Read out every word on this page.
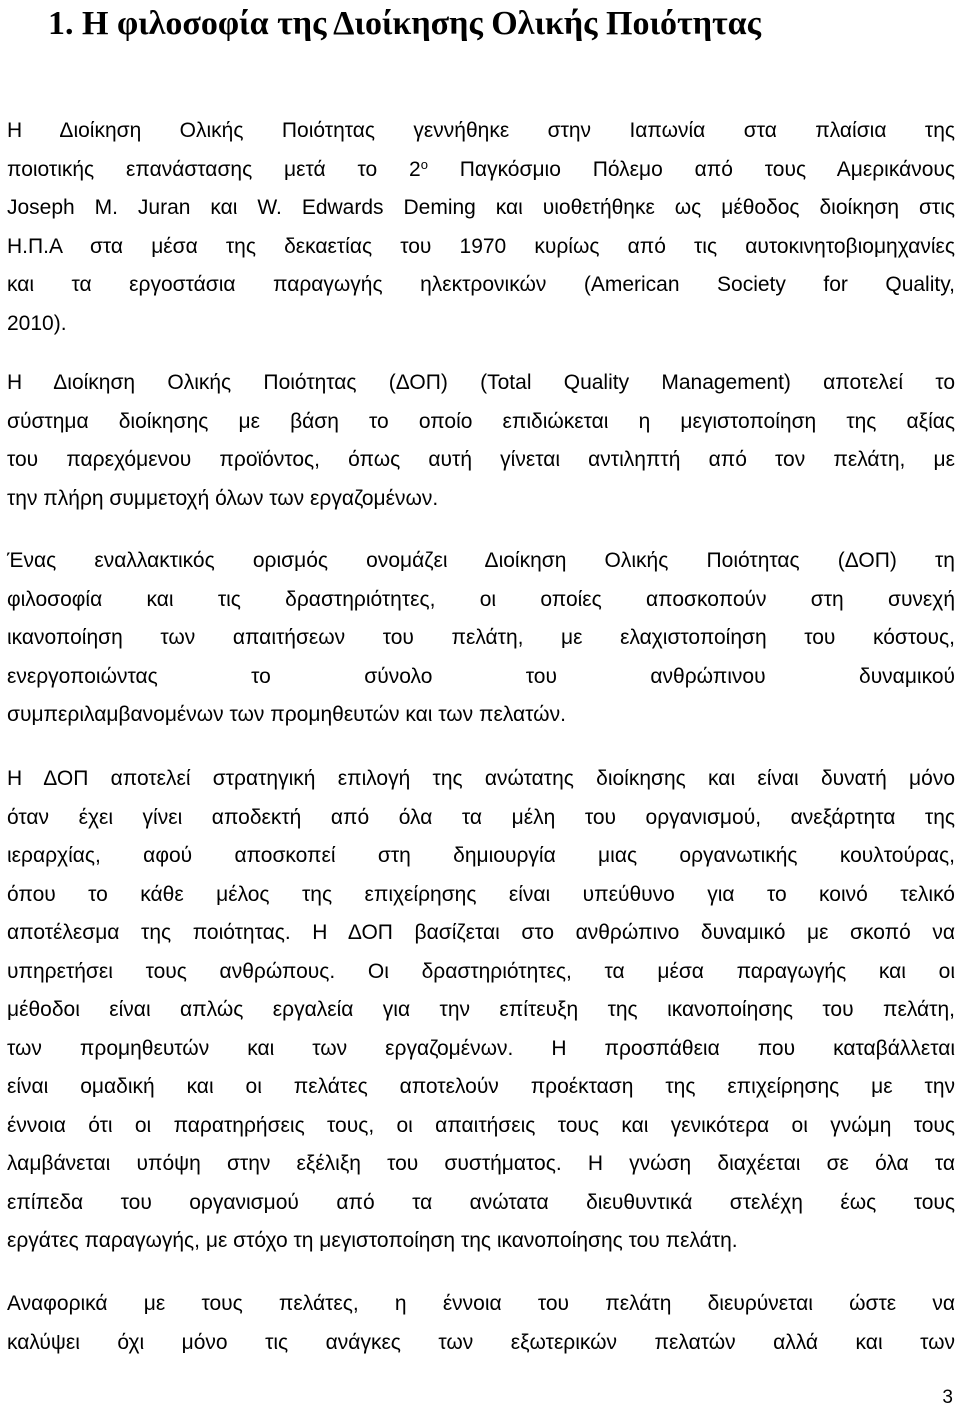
1. Η φιλοσοφία της Διοίκησης Ολικής Ποιότητας
Η Διοίκηση Ολικής Ποιότητας γεννήθηκε στην Ιαπωνία στα πλαίσια της
ποιοτικής επανάστασης μετά το $2^o$ Παγκόσμιο Πόλεμο από τους Αμερικάνους
Joseph M. Juran και W. Edwards Deming και υιοθετήθηκε ως μέθοδος διοίκηση στις
Η.Π.Α στα μέσα της δεκαετίας του 1970 κυρίως από τις αυτοκινητοβιομηχανίες
και τα εργοστάσια παραγωγής ηλεκτρονικών (American Society for Quality,
2010).
Η Διοίκηση Ολικής Ποιότητας (ΔΟΠ) (Total Quality Management) αποτελεί το
σύστημα διοίκησης με βάση το οποίο επιδιώκεται η μεγιστοποίηση της αξίας
του παρεχόμενου προϊόντος, όπως αυτή γίνεται αντιληπτή από τον πελάτη, με
την πλήρη συμμετοχή όλων των εργαζομένων.
Ένας εναλλακτικός ορισμός ονομάζει Διοίκηση Ολικής Ποιότητας (ΔΟΠ) τη
φιλοσοφία και τις δραστηριότητες, οι οποίες αποσκοπούν στη συνεχή
ικανοποίηση των απαιτήσεων του πελάτη, με ελαχιστοποίηση του κόστους,
ενεργοποιώντας το σύνολο του ανθρώπινου δυναμικού
συμπεριλαμβανομένων των προμηθευτών και των πελατών.
Η ΔΟΠ αποτελεί στρατηγική επιλογή της ανώτατης διοίκησης και είναι δυνατή μόνο
όταν έχει γίνει αποδεκτή από όλα τα μέλη του οργανισμού, ανεξάρτητα της
ιεραρχίας, αφού αποσκοπεί στη δημιουργία μιας οργανωτικής κουλτούρας,
όπου το κάθε μέλος της επιχείρησης είναι υπεύθυνο για το κοινό τελικό
αποτέλεσμα της ποιότητας. Η ΔΟΠ βασίζεται στο ανθρώπινο δυναμικό με σκοπό να
υπηρετήσει τους ανθρώπους. Οι δραστηριότητες, τα μέσα παραγωγής και οι
μέθοδοι είναι απλώς εργαλεία για την επίτευξη της ικανοποίησης του πελάτη,
των προμηθευτών και των εργαζομένων. Η προσπάθεια που καταβάλλεται
είναι ομαδική και οι πελάτες αποτελούν προέκταση της επιχείρησης με την
έννοια ότι οι παρατηρήσεις τους, οι απαιτήσεις τους και γενικότερα οι γνώμη τους
λαμβάνεται υπόψη στην εξέλιξη του συστήματος. Η γνώση διαχέεται σε όλα τα
επίπεδα του οργανισμού από τα ανώτατα διευθυντικά στελέχη έως τους
εργάτες παραγωγής, με στόχο τη μεγιστοποίηση της ικανοποίησης του πελάτη.
Αναφορικά με τους πελάτες, η έννοια του πελάτη διευρύνεται ώστε να
καλύψει όχι μόνο τις ανάγκες των εξωτερικών πελατών αλλά και των
3
